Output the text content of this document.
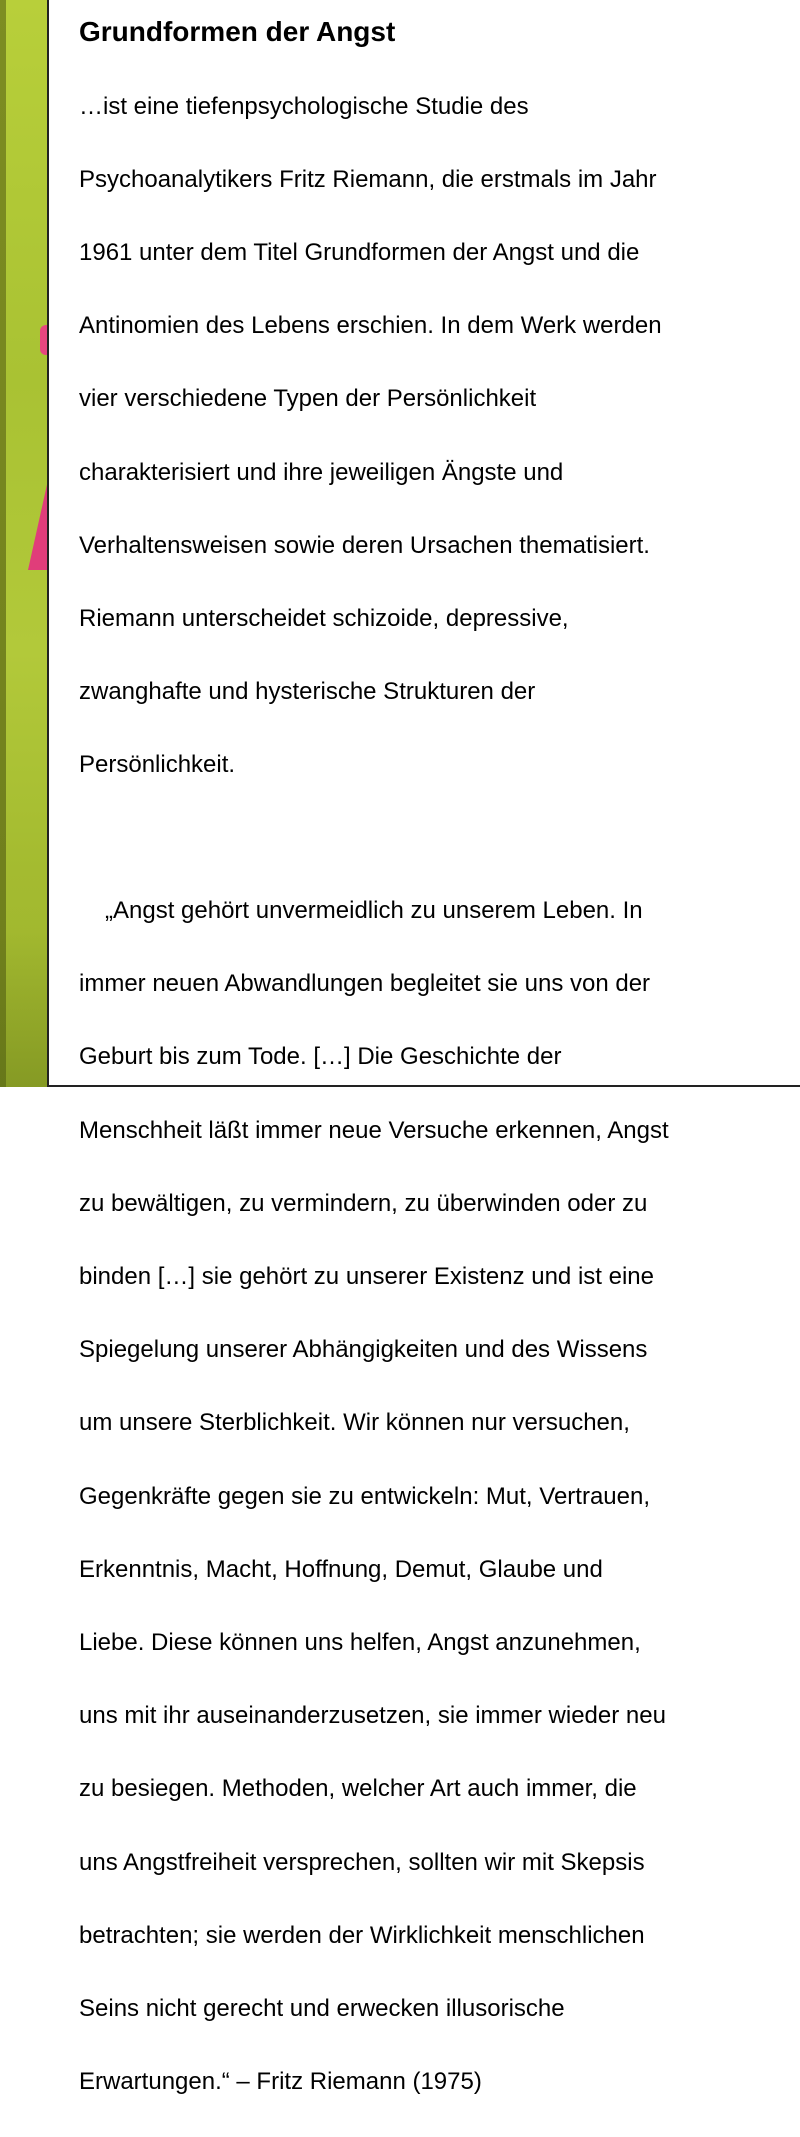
Grundformen der Angst

…ist eine tiefenpsychologische Studie des

Psychoanalytikers Fritz Riemann, die erstmals im Jahr

1961 unter dem Titel Grundformen der Angst und die

Antinomien des Lebens erschien. In dem Werk werden

vier verschiedene Typen der Persönlichkeit

charakterisiert und ihre jeweiligen Ängste und

Verhaltensweisen sowie deren Ursachen thematisiert.

Riemann unterscheidet schizoide, depressive,

zwanghafte und hysterische Strukturen der

Persönlichkeit.

„Angst gehört unvermeidlich zu unserem Leben. In

immer neuen Abwandlungen begleitet sie uns von der

Geburt bis zum Tode. […] Die Geschichte der

Menschheit läßt immer neue Versuche erkennen, Angst

zu bewältigen, zu vermindern, zu überwinden oder zu

binden […] sie gehört zu unserer Existenz und ist eine

Spiegelung unserer Abhängigkeiten und des Wissens

um unsere Sterblichkeit. Wir können nur versuchen,

Gegenkräfte gegen sie zu entwickeln: Mut, Vertrauen,

Erkenntnis, Macht, Hoffnung, Demut, Glaube und

Liebe. Diese können uns helfen, Angst anzunehmen,

uns mit ihr auseinanderzusetzen, sie immer wieder neu

zu besiegen. Methoden, welcher Art auch immer, die

uns Angstfreiheit versprechen, sollten wir mit Skepsis

betrachten; sie werden der Wirklichkeit menschlichen

Seins nicht gerecht und erwecken illusorische

Erwartungen.“ – Fritz Riemann (1975)
